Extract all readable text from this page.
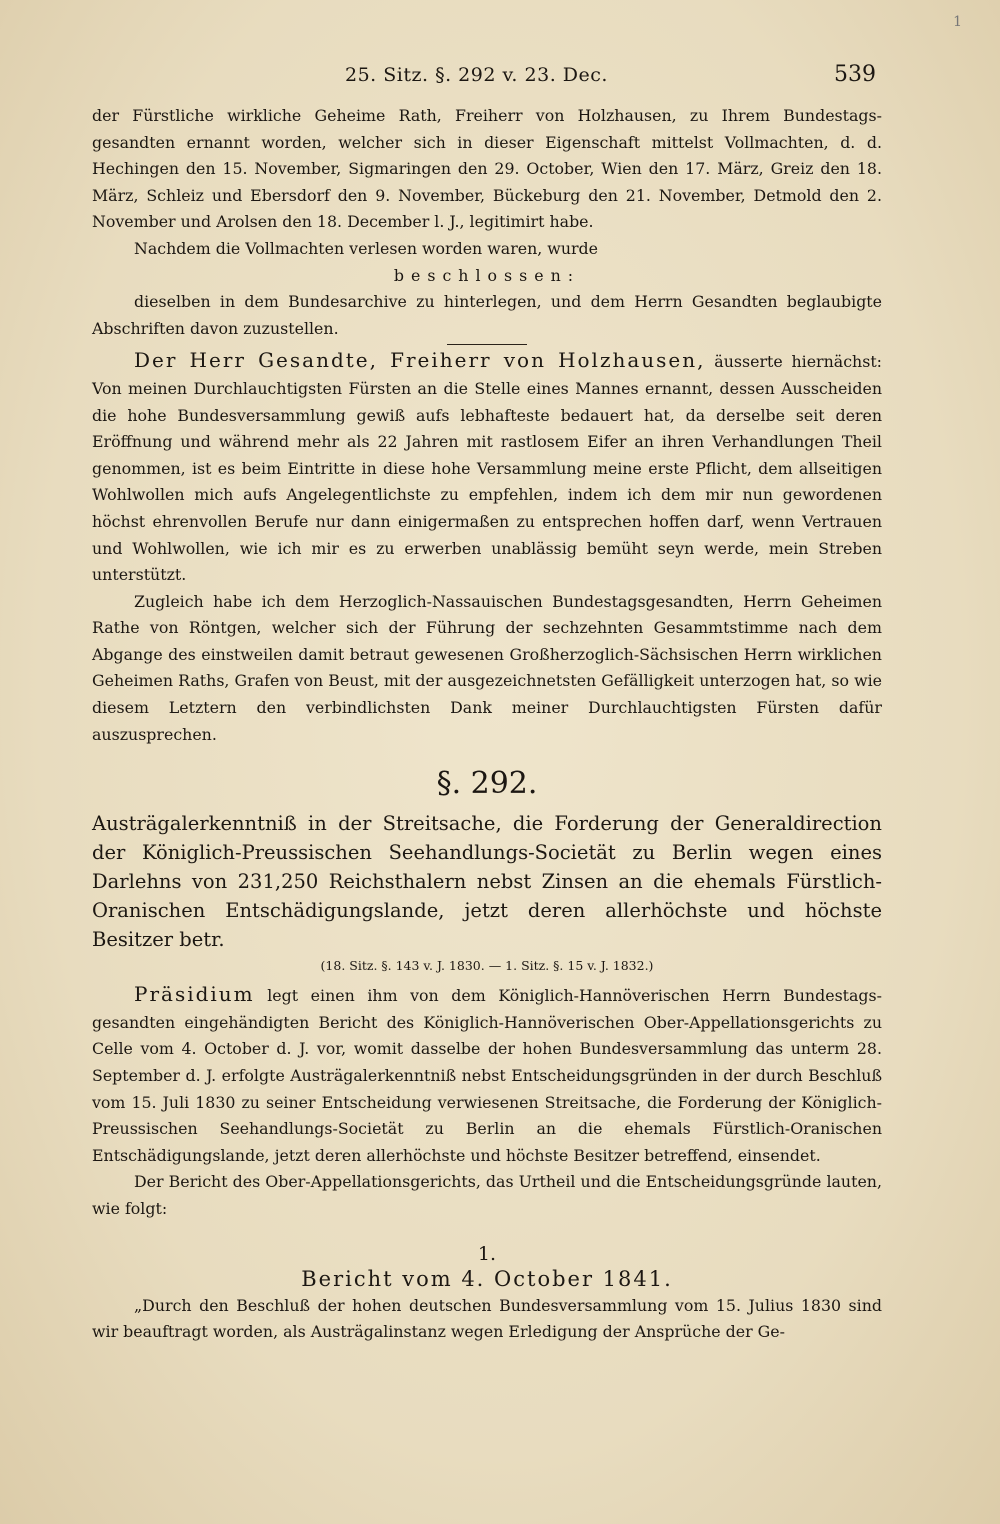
1
25. Sitz. §. 292 v. 23. Dec.	539

der Fürstliche wirkliche Geheime Rath, Freiherr von Holzhausen, zu Ihrem Bundestags-gesandten ernannt worden, welcher sich in dieser Eigenschaft mittelst Vollmachten, d. d. Hechingen den 15. November, Sigmaringen den 29. October, Wien den 17. März, Greiz den 18. März, Schleiz und Ebersdorf den 9. November, Bückeburg den 21. November, Detmold den 2. November und Arolsen den 18. December l. J., legitimirt habe.

Nachdem die Vollmachten verlesen worden waren, wurde

beschlossen:

dieselben in dem Bundesarchive zu hinterlegen, und dem Herrn Gesandten beglaubigte Abschriften davon zuzustellen.

Der Herr Gesandte, Freiherr von Holzhausen, äusserte hiernächst: Von meinen Durchlauchtigsten Fürsten an die Stelle eines Mannes ernannt, dessen Ausscheiden die hohe Bundesversammlung gewiß aufs lebhafteste bedauert hat, da derselbe seit deren Eröffnung und während mehr als 22 Jahren mit rastlosem Eifer an ihren Verhandlungen Theil genommen, ist es beim Eintritte in diese hohe Versammlung meine erste Pflicht, dem allseitigen Wohlwollen mich aufs Angelegentlichste zu empfehlen, indem ich dem mir nun gewordenen höchst ehrenvollen Berufe nur dann einigermaßen zu entsprechen hoffen darf, wenn Vertrauen und Wohlwollen, wie ich mir es zu erwerben unablässig bemüht seyn werde, mein Streben unterstützt.

Zugleich habe ich dem Herzoglich-Nassauischen Bundestagsgesandten, Herrn Geheimen Rathe von Röntgen, welcher sich der Führung der sechzehnten Gesammtstimme nach dem Abgange des einstweilen damit betraut gewesenen Großherzoglich-Sächsischen Herrn wirklichen Geheimen Raths, Grafen von Beust, mit der ausgezeichnetsten Gefälligkeit unterzogen hat, so wie diesem Letztern den verbindlichsten Dank meiner Durchlauchtigsten Fürsten dafür auszusprechen.

§. 292.

Austrägalerkenntniß in der Streitsache, die Forderung der Generaldirection der Königlich-Preussischen Seehandlungs-Societät zu Berlin wegen eines Darlehns von 231,250 Reichsthalern nebst Zinsen an die ehemals Fürstlich-Oranischen Entschädigungslande, jetzt deren allerhöchste und höchste Besitzer betr.

(18. Sitz. §. 143 v. J. 1830. — 1. Sitz. §. 15 v. J. 1832.)

Präsidium legt einen ihm von dem Königlich-Hannöverischen Herrn Bundestags-gesandten eingehändigten Bericht des Königlich-Hannöverischen Ober-Appellationsgerichts zu Celle vom 4. October d. J. vor, womit dasselbe der hohen Bundesversammlung das unterm 28. September d. J. erfolgte Austrägalerkenntniß nebst Entscheidungsgründen in der durch Beschluß vom 15. Juli 1830 zu seiner Entscheidung verwiesenen Streitsache, die Forderung der Königlich-Preussischen Seehandlungs-Societät zu Berlin an die ehemals Fürstlich-Oranischen Entschädigungslande, jetzt deren allerhöchste und höchste Besitzer betreffend, einsendet.

Der Bericht des Ober-Appellationsgerichts, das Urtheil und die Entscheidungsgründe lauten, wie folgt:

1.
Bericht vom 4. October 1841.

„Durch den Beschluß der hohen deutschen Bundesversammlung vom 15. Julius 1830 sind wir beauftragt worden, als Austrägalinstanz wegen Erledigung der Ansprüche der Ge-
